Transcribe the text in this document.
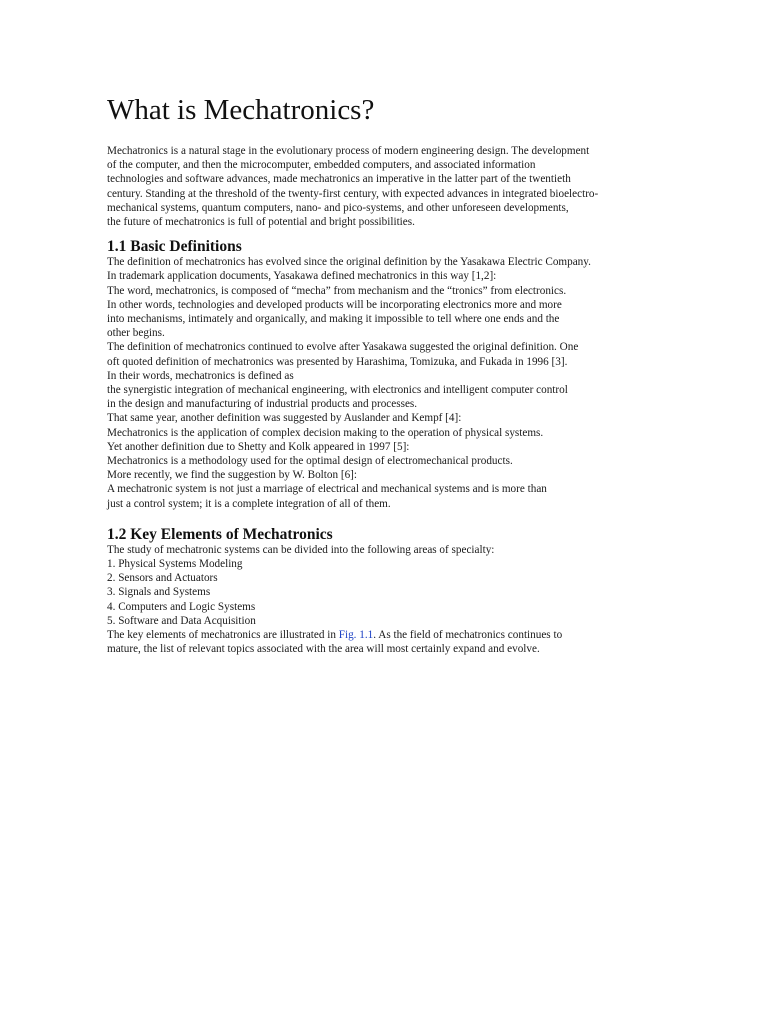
What is Mechatronics?
Mechatronics is a natural stage in the evolutionary process of modern engineering design. The development
of the computer, and then the microcomputer, embedded computers, and associated information
technologies and software advances, made mechatronics an imperative in the latter part of the twentieth
century. Standing at the threshold of the twenty-first century, with expected advances in integrated bioelectro-
mechanical systems, quantum computers, nano- and pico-systems, and other unforeseen developments,
the future of mechatronics is full of potential and bright possibilities.
1.1 Basic Definitions
The definition of mechatronics has evolved since the original definition by the Yasakawa Electric Company.
In trademark application documents, Yasakawa defined mechatronics in this way [1,2]:
The word, mechatronics, is composed of “mecha” from mechanism and the “tronics” from electronics.
In other words, technologies and developed products will be incorporating electronics more and more
into mechanisms, intimately and organically, and making it impossible to tell where one ends and the
other begins.
The definition of mechatronics continued to evolve after Yasakawa suggested the original definition. One
oft quoted definition of mechatronics was presented by Harashima, Tomizuka, and Fukada in 1996 [3].
In their words, mechatronics is defined as
the synergistic integration of mechanical engineering, with electronics and intelligent computer control
in the design and manufacturing of industrial products and processes.
That same year, another definition was suggested by Auslander and Kempf [4]:
Mechatronics is the application of complex decision making to the operation of physical systems.
Yet another definition due to Shetty and Kolk appeared in 1997 [5]:
Mechatronics is a methodology used for the optimal design of electromechanical products.
More recently, we find the suggestion by W. Bolton [6]:
A mechatronic system is not just a marriage of electrical and mechanical systems and is more than
just a control system; it is a complete integration of all of them.
1.2 Key Elements of Mechatronics
The study of mechatronic systems can be divided into the following areas of specialty:
1. Physical Systems Modeling
2. Sensors and Actuators
3. Signals and Systems
4. Computers and Logic Systems
5. Software and Data Acquisition
The key elements of mechatronics are illustrated in Fig. 1.1. As the field of mechatronics continues to
mature, the list of relevant topics associated with the area will most certainly expand and evolve.
